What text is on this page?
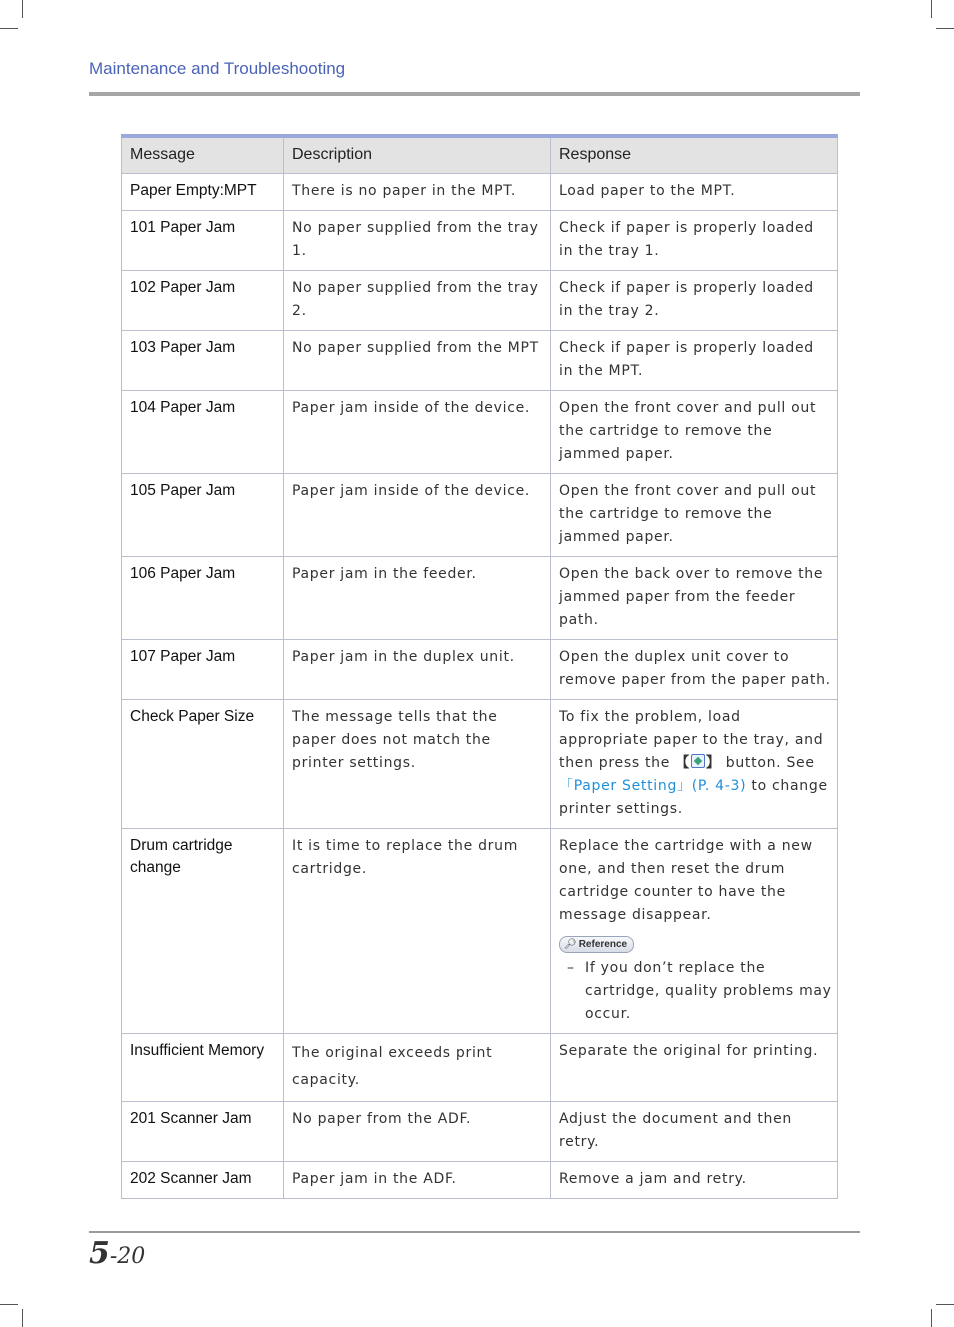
Maintenance and Troubleshooting
Message	Description	Response
Paper Empty:MPT	There is no paper in the MPT.	Load paper to the MPT.
101 Paper Jam	No paper supplied from the tray 1.	Check if paper is properly loaded in the tray 1.
102 Paper Jam	No paper supplied from the tray 2.	Check if paper is properly loaded in the tray 2.
103 Paper Jam	No paper supplied from the MPT	Check if paper is properly loaded in the MPT.
104 Paper Jam	Paper jam inside of the device.	Open the front cover and pull out the cartridge to remove the jammed paper.
105 Paper Jam	Paper jam inside of the device.	Open the front cover and pull out the cartridge to remove the jammed paper.
106 Paper Jam	Paper jam in the feeder.	Open the back over to remove the jammed paper from the feeder path.
107 Paper Jam	Paper jam in the duplex unit.	Open the duplex unit cover to remove paper from the paper path.
Check Paper Size	The message tells that the paper does not match the printer settings.	To fix the problem, load appropriate paper to the tray, and then press the 【 】 button. See 「Paper Setting」(P. 4-3) to change printer settings.
Drum cartridge change	It is time to replace the drum cartridge.	Replace the cartridge with a new one, and then reset the drum cartridge counter to have the message disappear.
🔎︎ Reference
– If you don’t replace the cartridge, quality problems may occur.

Insufficient Memory	The original exceeds print capacity.	Separate the original for printing.
201 Scanner Jam	No paper from the ADF.	Adjust the document and then retry.
202 Scanner Jam	Paper jam in the ADF.	Remove a jam and retry.
5-20
